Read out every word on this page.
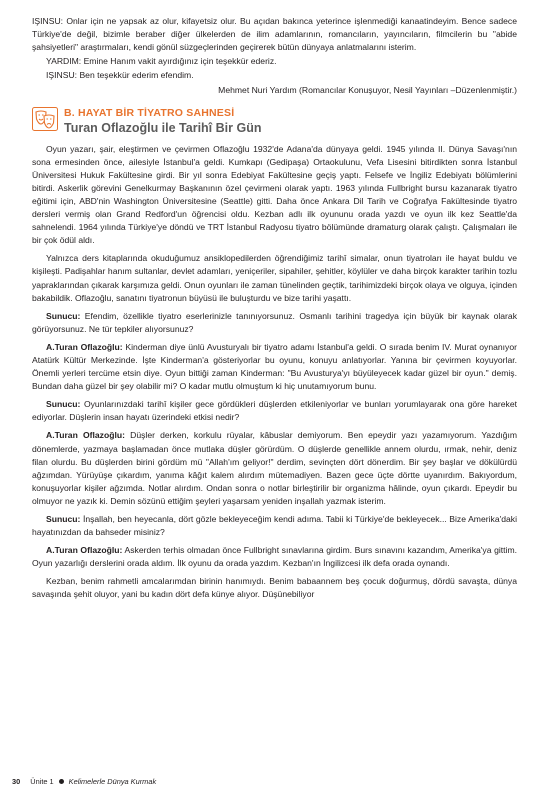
IŞINSU: Onlar için ne yapsak az olur, kifayetsiz olur. Bu açıdan bakınca yeterince işlenmediği kanaatindeyim. Bence sadece Türkiye'de değil, bizimle beraber diğer ülkelerden de ilim adamlarının, romancıların, yayıncıların, filmcilerin bu "abide şahsiyetleri" araştırmaları, kendi gönül süzgeçlerinden geçirerek bütün dünyaya anlatmalarını isterim.

YARDIM: Emine Hanım vakit ayırdığınız için teşekkür ederiz.

IŞINSU: Ben teşekkür ederim efendim.

Mehmet Nuri Yardım (Romancılar Konuşuyor, Nesil Yayınları –Düzenlenmiştir.)

B. HAYAT BİR TİYATRO SAHNESİ
Turan Oflazoğlu ile Tarihî Bir Gün

Oyun yazarı, şair, eleştirmen ve çevirmen Oflazoğlu 1932'de Adana'da dünyaya geldi. 1945 yılında II. Dünya Savaşı'nın sona ermesinden önce, ailesiyle İstanbul'a geldi. Kumkapı (Gedipaşa) Ortaokulunu, Vefa Lisesini bitirdikten sonra İstanbul Üniversitesi Hukuk Fakültesine girdi. Bir yıl sonra Edebiyat Fakültesine geçiş yaptı. Felsefe ve İngiliz Edebiyatı bölümlerini bitirdi. Askerlik görevini Genelkurmay Başkanının özel çevirmeni olarak yaptı. 1963 yılında Fullbright bursu kazanarak tiyatro eğitimi için, ABD'nin Washington Üniversitesine (Seattle) gitti. Daha önce Ankara Dil Tarih ve Coğrafya Fakültesinde tiyatro dersleri vermiş olan Grand Redford'un öğrencisi oldu. Kezban adlı ilk oyununu orada yazdı ve oyun ilk kez Seattle'da sahnelendi. 1964 yılında Türkiye'ye döndü ve TRT İstanbul Radyosu tiyatro bölümünde dramaturg olarak çalıştı. Çalışmaları ile bir çok ödül aldı.

Yalnızca ders kitaplarında okuduğumuz ansiklopedilerden öğrendiğimiz tarihî simalar, onun tiyatroları ile hayat buldu ve kişileşti. Padişahlar hanım sultanlar, devlet adamları, yeniçeriler, sipahiler, şehitler, köylüler ve daha birçok karakter tarihin tozlu yapraklarından çıkarak karşımıza geldi. Onun oyunları ile zaman tünelinden geçtik, tarihimizdeki birçok olaya ve olguya, içinden bakabildik. Oflazoğlu, sanatını tiyatronun büyüsü ile buluşturdu ve bize tarihi yaşattı.

Sunucu: Efendim, özellikle tiyatro eserlerinizle tanınıyorsunuz. Osmanlı tarihini tragedya için büyük bir kaynak olarak görüyorsunuz. Ne tür tepkiler alıyorsunuz?

A.Turan Oflazoğlu: Kinderman diye ünlü Avusturyalı bir tiyatro adamı İstanbul'a geldi. O sırada benim IV. Murat oynanıyor Atatürk Kültür Merkezinde. İşte Kinderman'a gösteriyorlar bu oyunu, konuyu anlatıyorlar. Yanına bir çevirmen koyuyorlar. Önemli yerleri tercüme etsin diye. Oyun bittiği zaman Kinderman: "Bu Avusturya'yı büyüleyecek kadar güzel bir oyun." demiş. Bundan daha güzel bir şey olabilir mi? O kadar mutlu olmuştum ki hiç unutamıyorum bunu.

Sunucu: Oyunlarınızdaki tarihî kişiler gece gördükleri düşlerden etkileniyorlar ve bunları yorumlayarak ona göre hareket ediyorlar. Düşlerin insan hayatı üzerindeki etkisi nedir?

A.Turan Oflazoğlu: Düşler derken, korkulu rüyalar, kâbuslar demiyorum. Ben epeydir yazı yazamıyorum. Yazdığım dönemlerde, yazmaya başlamadan önce mutlaka düşler görürdüm. O düşlerde genellikle annem olurdu, ırmak, nehir, deniz filan olurdu. Bu düşlerden birini gördüm mü "Allah'ım geliyor!" derdim, sevinçten dört dönerdim. Bir şey başlar ve dökülürdü ağzımdan. Yürüyüşe çıkardım, yanıma kâğıt kalem alırdım mütemadiyen. Bazen gece üçte dörtte uyanırdım. Bakıyordum, konuşuyorlar kişiler ağzımda. Notlar alırdım. Ondan sonra o notlar birleştirilir bir organizma hâlinde, oyun çıkardı. Epeydir bu olmuyor ne yazık ki. Demin sözünü ettiğim şeyleri yaşarsam yeniden inşallah yazmak isterim.

Sunucu: İnşallah, ben heyecanla, dört gözle bekleyeceğim kendi adıma. Tabii ki Türkiye'de bekleyecek... Bize Amerika'daki hayatınızdan da bahseder misiniz?

A.Turan Oflazoğlu: Askerden terhis olmadan önce Fullbright sınavlarına girdim. Burs sınavını kazandım, Amerika'ya gittim. Oyun yazarlığı derslerini orada aldım. İlk oyunu da orada yazdım. Kezban'ın İngilizcesi ilk defa orada oynandı.

Kezban, benim rahmetli amcalarımdan birinin hanımıydı. Benim babaannem beş çocuk doğurmuş, dördü savaşta, dünya savaşında şehit oluyor, yani bu kadın dört defa künye alıyor. Düşünebiliyor

30 Ünite 1 Kelimelerle Dünya Kurmak
